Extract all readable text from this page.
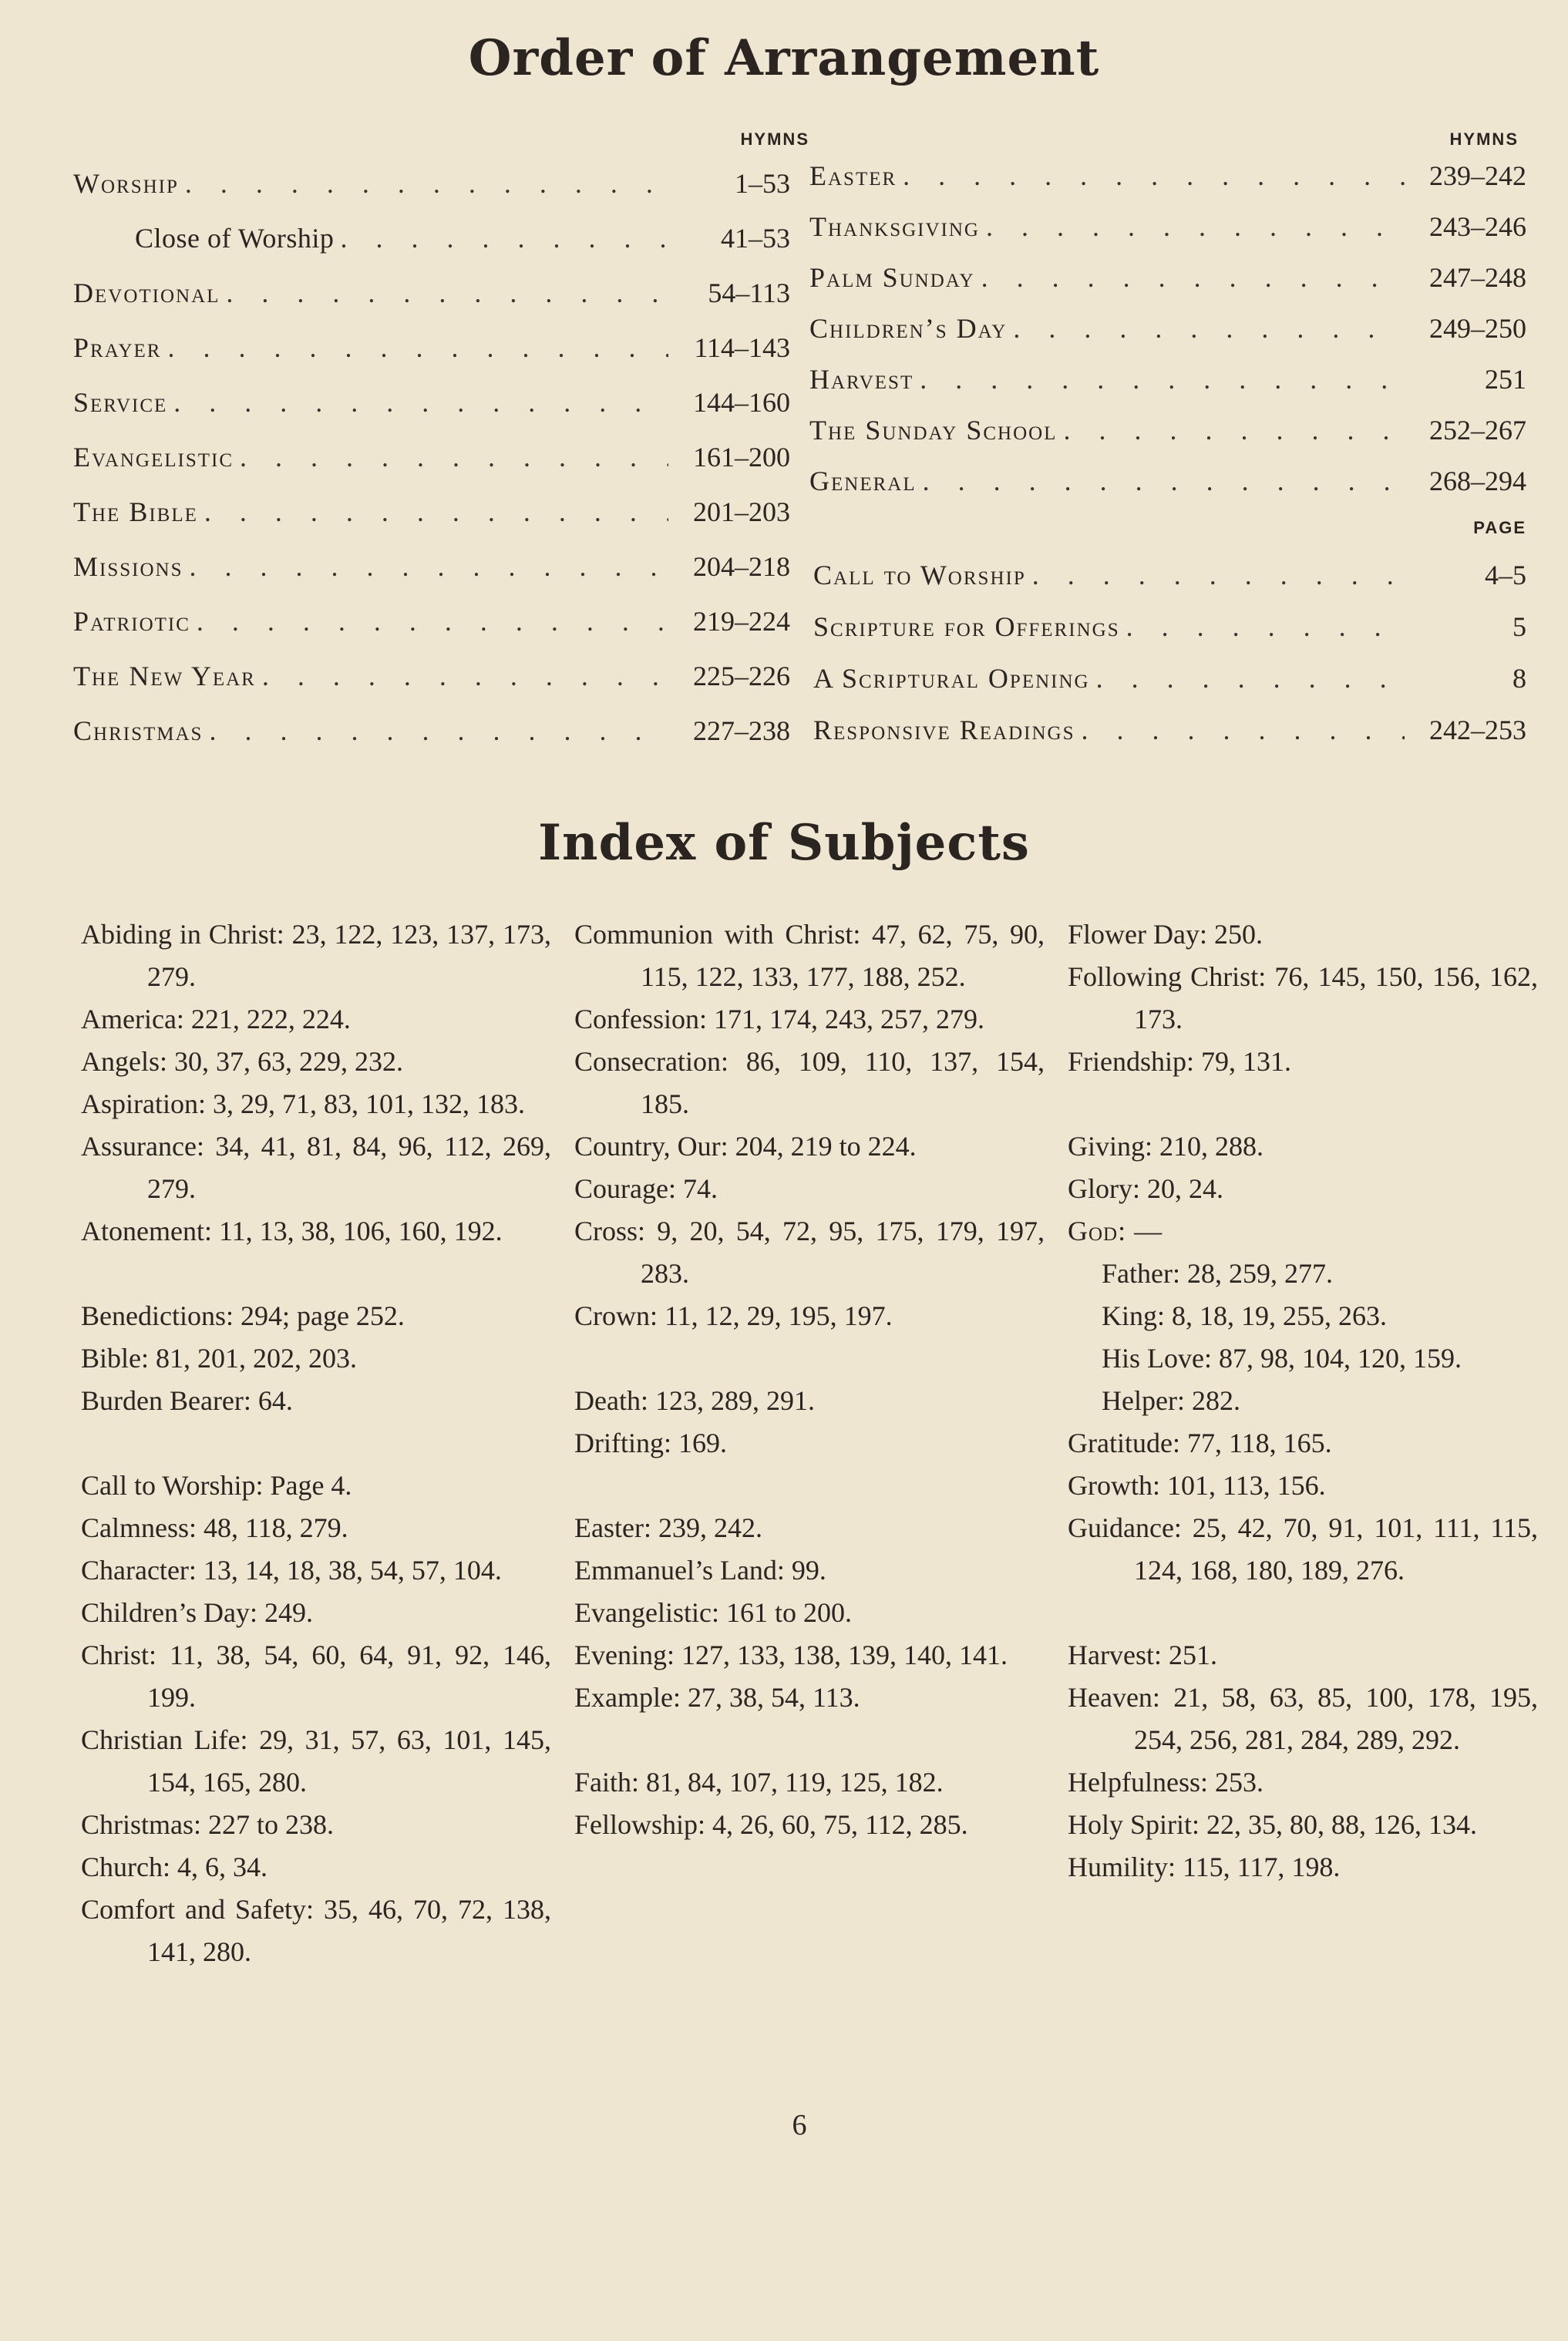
Order of Arrangement
HYMNS	HYMNS
PAGE
Worship . . .	1–53
Close of Worship . . .	41–53
Devotional . . .	54–113
Prayer . . .	114–143
Service . . .	144–160
Evangelistic . . .	161–200
The Bible . . .	201–203
Missions . . .	204–218
Patriotic . . .	219–224
The New Year . . .	225–226
Christmas . . .	227–238
Easter . . .	239–242
Thanksgiving . . .	243–246
Palm Sunday . . .	247–248
Children’s Day . . .	249–250
Harvest . . .	251
The Sunday School . . .	252–267
General . . .	268–294
Call to Worship . . .	4–5
Scripture for Offerings . . .	5
A Scriptural Opening . . .	8
Responsive Readings . . .	242–253
Index of Subjects

Abiding in Christ: 23, 122, 123, 137, 173, 279.

America: 221, 222, 224.

Angels: 30, 37, 63, 229, 232.

Aspiration: 3, 29, 71, 83, 101, 132, 183.

Assurance: 34, 41, 81, 84, 96, 112, 269, 279.

Atonement: 11, 13, 38, 106, 160, 192.

Benedictions: 294; page 252.

Bible: 81, 201, 202, 203.

Burden Bearer: 64.

Call to Worship: Page 4.

Calmness: 48, 118, 279.

Character: 13, 14, 18, 38, 54, 57, 104.

Children’s Day: 249.

Christ: 11, 38, 54, 60, 64, 91, 92, 146, 199.

Christian Life: 29, 31, 57, 63, 101, 145, 154, 165, 280.

Christmas: 227 to 238.

Church: 4, 6, 34.

Comfort and Safety: 35, 46, 70, 72, 138, 141, 280.

Communion with Christ: 47, 62, 75, 90, 115, 122, 133, 177, 188, 252.

Confession: 171, 174, 243, 257, 279.

Consecration: 86, 109, 110, 137, 154, 185.

Country, Our: 204, 219 to 224.

Courage: 74.

Cross: 9, 20, 54, 72, 95, 175, 179, 197, 283.

Crown: 11, 12, 29, 195, 197.

Death: 123, 289, 291.

Drifting: 169.

Easter: 239, 242.

Emmanuel’s Land: 99.

Evangelistic: 161 to 200.

Evening: 127, 133, 138, 139, 140, 141.

Example: 27, 38, 54, 113.

Faith: 81, 84, 107, 119, 125, 182.

Fellowship: 4, 26, 60, 75, 112, 285.

Flower Day: 250.

Following Christ: 76, 145, 150, 156, 162, 173.

Friendship: 79, 131.

Giving: 210, 288.

Glory: 20, 24.

God: —

Father: 28, 259, 277.

King: 8, 18, 19, 255, 263.

His Love: 87, 98, 104, 120, 159.

Helper: 282.

Gratitude: 77, 118, 165.

Growth: 101, 113, 156.

Guidance: 25, 42, 70, 91, 101, 111, 115, 124, 168, 180, 189, 276.

Harvest: 251.

Heaven: 21, 58, 63, 85, 100, 178, 195, 254, 256, 281, 284, 289, 292.

Helpfulness: 253.

Holy Spirit: 22, 35, 80, 88, 126, 134.

Humility: 115, 117, 198.

6
